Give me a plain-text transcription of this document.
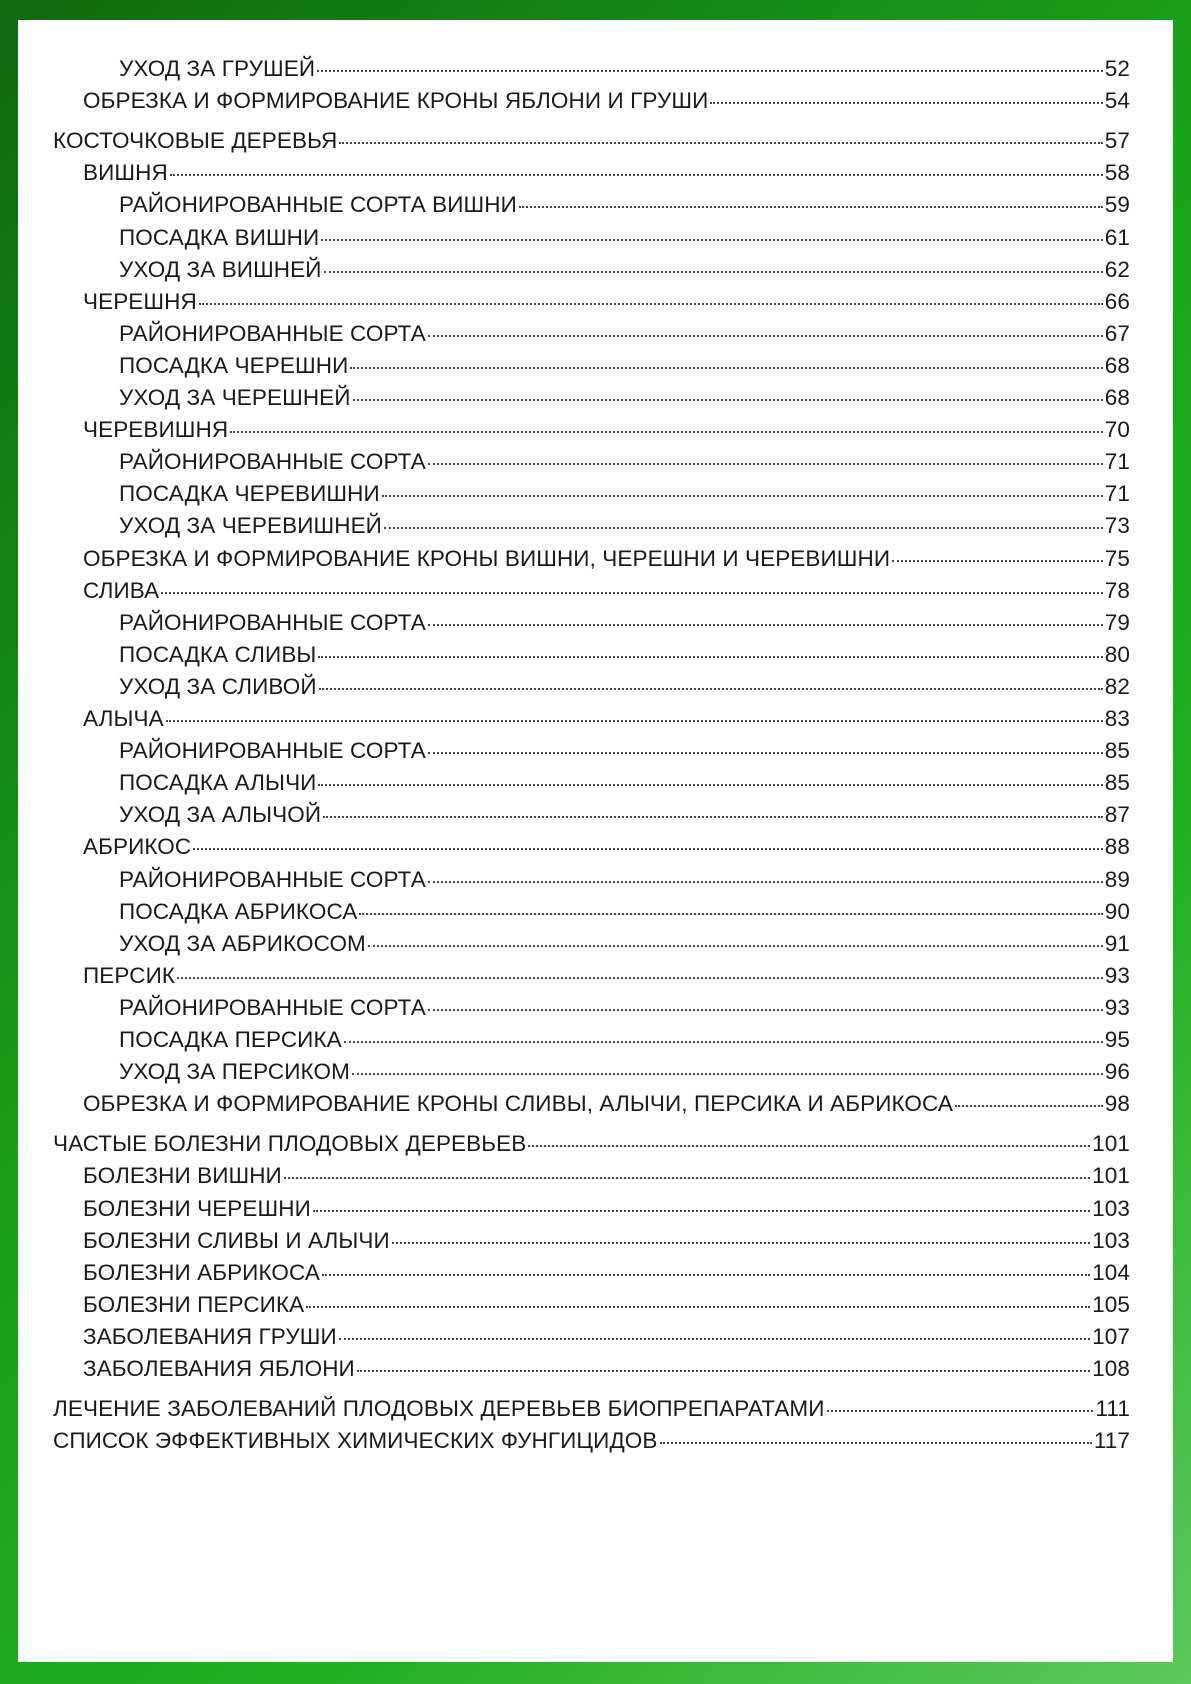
УХОД ЗА ГРУШЕЙ	52
ОБРЕЗКА И ФОРМИРОВАНИЕ КРОНЫ ЯБЛОНИ И ГРУШИ	54
КОСТОЧКОВЫЕ ДЕРЕВЬЯ	57
ВИШНЯ	58
РАЙОНИРОВАННЫЕ СОРТА ВИШНИ	59
ПОСАДКА ВИШНИ	61
УХОД ЗА ВИШНЕЙ	62
ЧЕРЕШНЯ	66
РАЙОНИРОВАННЫЕ СОРТА	67
ПОСАДКА ЧЕРЕШНИ	68
УХОД ЗА ЧЕРЕШНЕЙ	68
ЧЕРЕВИШНЯ	70
РАЙОНИРОВАННЫЕ СОРТА	71
ПОСАДКА ЧЕРЕВИШНИ	71
УХОД ЗА ЧЕРЕВИШНЕЙ	73
ОБРЕЗКА И ФОРМИРОВАНИЕ КРОНЫ ВИШНИ, ЧЕРЕШНИ И ЧЕРЕВИШНИ	75
СЛИВА	78
РАЙОНИРОВАННЫЕ СОРТА	79
ПОСАДКА СЛИВЫ	80
УХОД ЗА СЛИВОЙ	82
АЛЫЧА	83
РАЙОНИРОВАННЫЕ СОРТА	85
ПОСАДКА АЛЫЧИ	85
УХОД ЗА АЛЫЧОЙ	87
АБРИКОС	88
РАЙОНИРОВАННЫЕ СОРТА	89
ПОСАДКА АБРИКОСА	90
УХОД ЗА АБРИКОСОМ	91
ПЕРСИК	93
РАЙОНИРОВАННЫЕ СОРТА	93
ПОСАДКА ПЕРСИКА	95
УХОД ЗА ПЕРСИКОМ	96
ОБРЕЗКА И ФОРМИРОВАНИЕ КРОНЫ СЛИВЫ, АЛЫЧИ, ПЕРСИКА И АБРИКОСА	98
ЧАСТЫЕ БОЛЕЗНИ ПЛОДОВЫХ ДЕРЕВЬЕВ	101
БОЛЕЗНИ ВИШНИ	101
БОЛЕЗНИ ЧЕРЕШНИ	103
БОЛЕЗНИ СЛИВЫ И АЛЫЧИ	103
БОЛЕЗНИ АБРИКОСА	104
БОЛЕЗНИ ПЕРСИКА	105
ЗАБОЛЕВАНИЯ ГРУШИ	107
ЗАБОЛЕВАНИЯ ЯБЛОНИ	108
ЛЕЧЕНИЕ ЗАБОЛЕВАНИЙ ПЛОДОВЫХ ДЕРЕВЬЕВ БИОПРЕПАРАТАМИ	111
СПИСОК ЭФФЕКТИВНЫХ ХИМИЧЕСКИХ ФУНГИЦИДОВ	117
